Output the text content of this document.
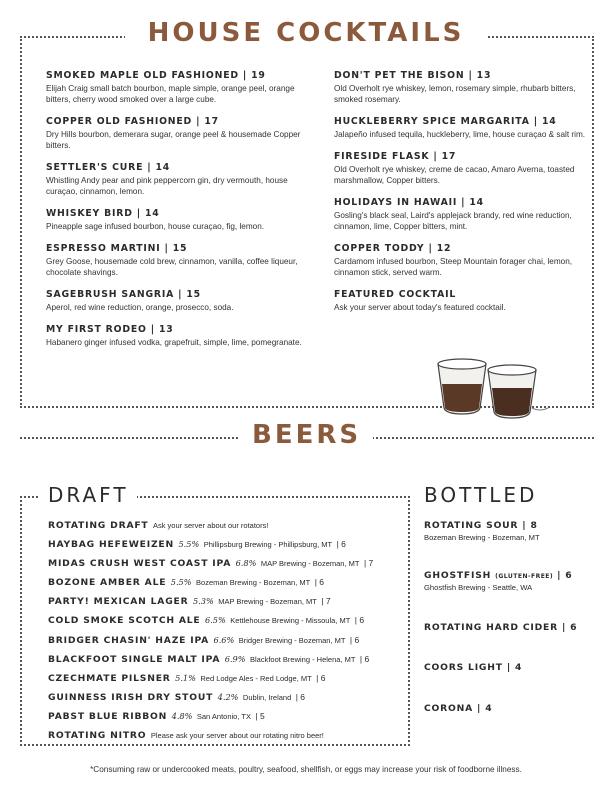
HOUSE COCKTAILS
SMOKED MAPLE OLD FASHIONED | 19
Elijah Craig small batch bourbon, maple simple, orange peel, orange bitters, cherry wood smoked over a large cube.
COPPER OLD FASHIONED | 17
Dry Hills bourbon, demerara sugar, orange peel & housemade Copper bitters.
SETTLER'S CURE | 14
Whistling Andy pear and pink peppercorn gin, dry vermouth, house curaçao, cinnamon, lemon.
WHISKEY BIRD | 14
Pineapple sage infused bourbon, house curaçao, fig, lemon.
ESPRESSO MARTINI | 15
Grey Goose, housemade cold brew, cinnamon, vanilla, coffee liqueur, chocolate shavings.
SAGEBRUSH SANGRIA | 15
Aperol, red wine reduction, orange, prosecco, soda.
MY FIRST RODEO | 13
Habanero ginger infused vodka, grapefruit, simple, lime, pomegranate.
DON'T PET THE BISON | 13
Old Overholt rye whiskey, lemon, rosemary simple, rhubarb bitters, smoked rosemary.
HUCKLEBERRY SPICE MARGARITA | 14
Jalapeño infused tequila, huckleberry, lime, house curaçao & salt rim.
FIRESIDE FLASK | 17
Old Overholt rye whiskey, creme de cacao, Amaro Averna, toasted marshmallow, Copper bitters.
HOLIDAYS IN HAWAII | 14
Gosling's black seal, Laird's applejack brandy, red wine reduction, cinnamon, lime, Copper bitters, mint.
COPPER TODDY | 12
Cardamom infused bourbon, Steep Mountain forager chai, lemon, cinnamon stick, served warm.
FEATURED COCKTAIL
Ask your server about today's featured cocktail.
BEERS
DRAFT
ROTATING DRAFT Ask your server about our rotators!
HAYBAG HEFEWEIZEN 5.5% Phillipsburg Brewing - Phillipsburg, MT | 6
MIDAS CRUSH WEST COAST IPA 6.8% MAP Brewing - Bozeman, MT | 7
BOZONE AMBER ALE 5.5% Bozeman Brewing - Bozeman, MT | 6
PARTY! MEXICAN LAGER 5.3% MAP Brewing - Bozeman, MT | 7
COLD SMOKE SCOTCH ALE 6.5% Kettlehouse Brewing - Missoula, MT | 6
BRIDGER CHASIN' HAZE IPA 6.6% Bridger Brewing - Bozeman, MT | 6
BLACKFOOT SINGLE MALT IPA 6.9% Blackfoot Brewing - Helena, MT | 6
CZECHMATE PILSNER 5.1% Red Lodge Ales - Red Lodge, MT | 6
GUINNESS IRISH DRY STOUT 4.2% Dublin, Ireland | 6
PABST BLUE RIBBON 4.8% San Antonio, TX | 5
ROTATING NITRO Please ask your server about our rotating nitro beer!
BOTTLED
ROTATING SOUR | 8
Bozeman Brewing - Bozeman, MT
GHOSTFISH (GLUTEN-FREE) | 6
Ghostfish Brewing - Seattle, WA
ROTATING HARD CIDER | 6
COORS LIGHT | 4
CORONA | 4
*Consuming raw or undercooked meats, poultry, seafood, shellfish, or eggs may increase your risk of foodborne illness.
